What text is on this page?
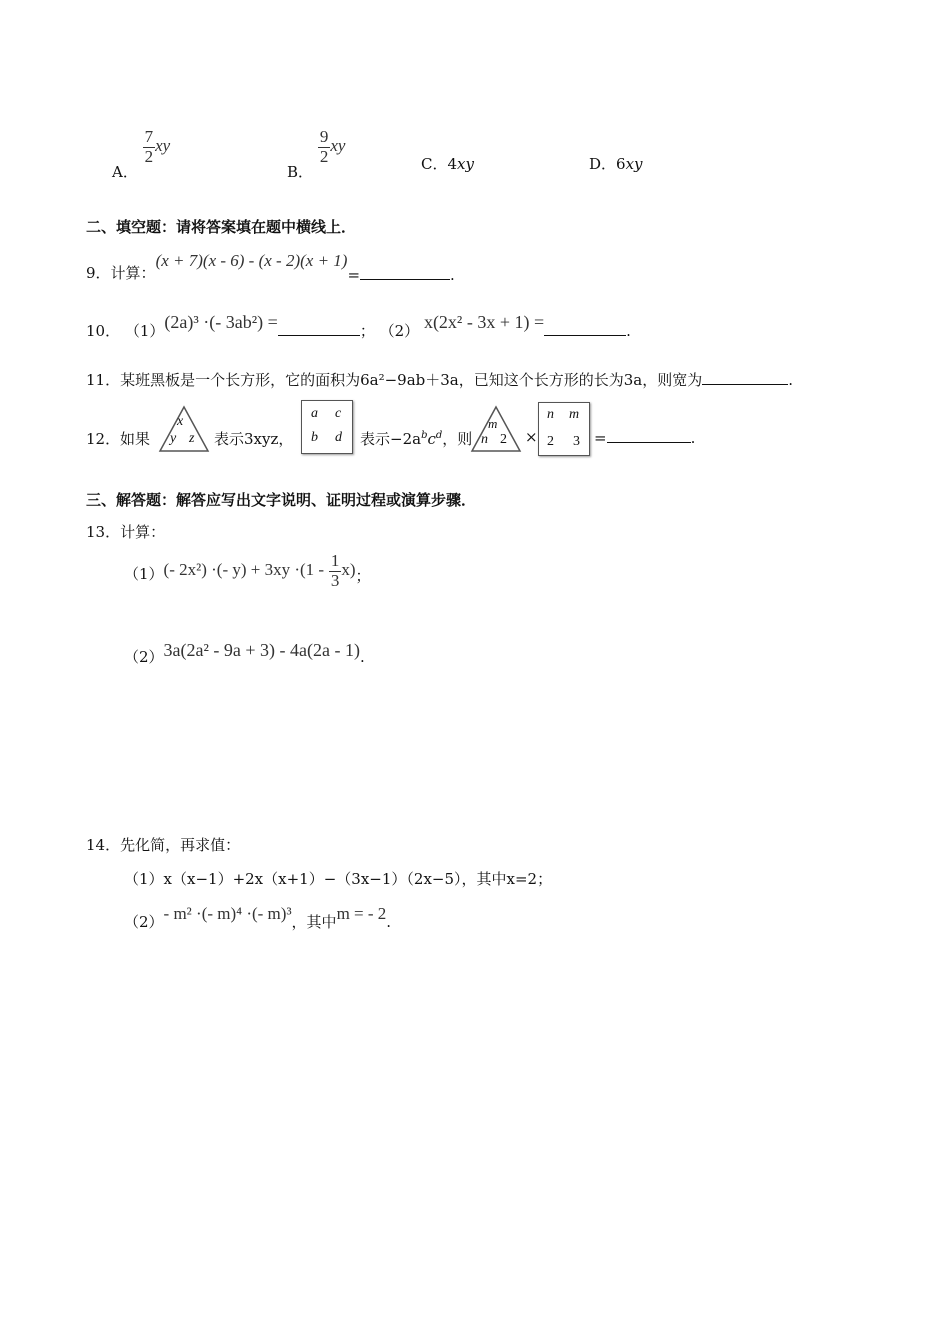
A．
$\frac{7}{2}$ xy
B．
$\frac{9}{2}$ xy
C．4xy	D．6xy
二、填空题：请将答案填在题中横线上．
9．计算：(x + 7)(x - 6) - (x - 2)(x + 1)=	.
10． （1）(2a)³ ·(- 3ab²) =	； （2） x(2x² - 3x + 1) =	.
11．某班黑板是一个长方形，它的面积为6a²−9ab＋3a，已知这个长方形的长为3a，则宽为	.
12． 如果
x
y z 表示3xyz，
a c
b d 表示$-2a^bc^d$，则
m
n 2 ×
n m
2 3 =	.
三、解答题：解答应写出文字说明、证明过程或演算步骤．
13．计算：
（1）(- 2x²) ·(- $y) + 3xy \cdot(1 - \frac{1}{3} x)$；
（2）3a(2a² - 9a + 3) - 4a(2a - 1).
14．先化简，再求值：
（1）x（x−1）+2x（x+1）−（3x−1）（2x−5），其中x=2；
（2）- m² ·(- m)⁴ ·(- m)³，其中m = - 2.
